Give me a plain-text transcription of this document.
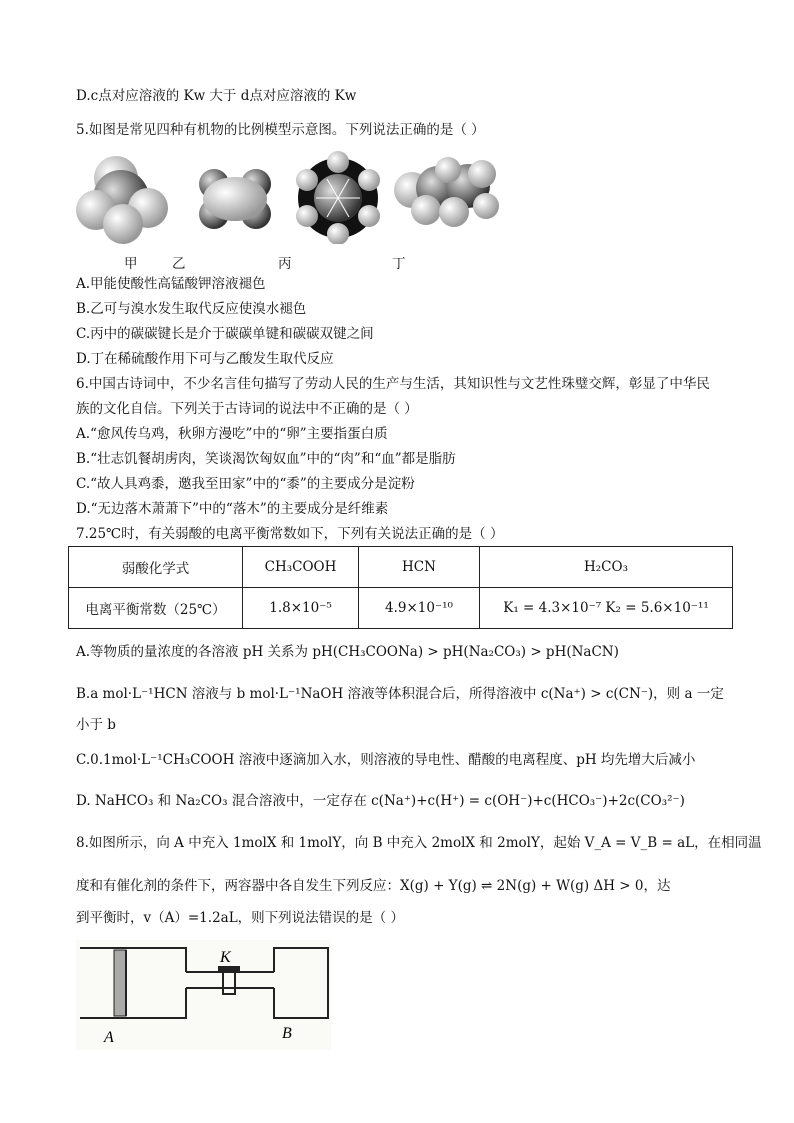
D.c点对应溶液的 Kw 大于 d点对应溶液的 Kw
5.如图是常见四种有机物的比例模型示意图。下列说法正确的是（ ）
甲	乙	丙	丁
A.甲能使酸性高锰酸钾溶液褪色
B.乙可与溴水发生取代反应使溴水褪色
C.丙中的碳碳键长是介于碳碳单键和碳碳双键之间
D.丁在稀硫酸作用下可与乙酸发生取代反应
6.中国古诗词中，不少名言佳句描写了劳动人民的生产与生活，其知识性与文艺性珠璧交辉，彰显了中华民
族的文化自信。下列关于古诗词的说法中不正确的是（ ）
A.“愈风传乌鸡，秋卵方漫吃”中的“卵”主要指蛋白质
B.“壮志饥餐胡虏肉，笑谈渴饮匈奴血”中的“肉”和“血”都是脂肪
C.“故人具鸡黍，邀我至田家”中的“黍”的主要成分是淀粉
D.“无边落木萧萧下”中的“落木”的主要成分是纤维素
7.25℃时，有关弱酸的电离平衡常数如下，下列有关说法正确的是（ ）
弱酸化学式	CH₃COOH	HCN	H₂CO₃
电离平衡常数（25℃）	1.8×10⁻⁵	4.9×10⁻¹⁰	K₁ = 4.3×10⁻⁷ K₂ = 5.6×10⁻¹¹
A.等物质的量浓度的各溶液 pH 关系为 pH(CH₃COONa) > pH(Na₂CO₃) > pH(NaCN)
B.a mol·L⁻¹HCN 溶液与 b mol·L⁻¹NaOH 溶液等体积混合后，所得溶液中 c(Na⁺) > c(CN⁻)，则 a 一定
小于 b
C.0.1mol·L⁻¹CH₃COOH 溶液中逐滴加入水，则溶液的导电性、醋酸的电离程度、pH 均先增大后减小
D. NaHCO₃ 和 Na₂CO₃ 混合溶液中，一定存在 c(Na⁺)+c(H⁺) = c(OH⁻)+c(HCO₃⁻)+2c(CO₃²⁻)
8.如图所示，向 A 中充入 1molX 和 1molY，向 B 中充入 2molX 和 2molY，起始 V_A = V_B = aL，在相同温
度和有催化剂的条件下，两容器中各自发生下列反应：X(g) + Y(g) ⇌ 2N(g) + W(g) ΔH > 0，达
到平衡时，v（A）=1.2aL，则下列说法错误的是（ ）
K
A	B
